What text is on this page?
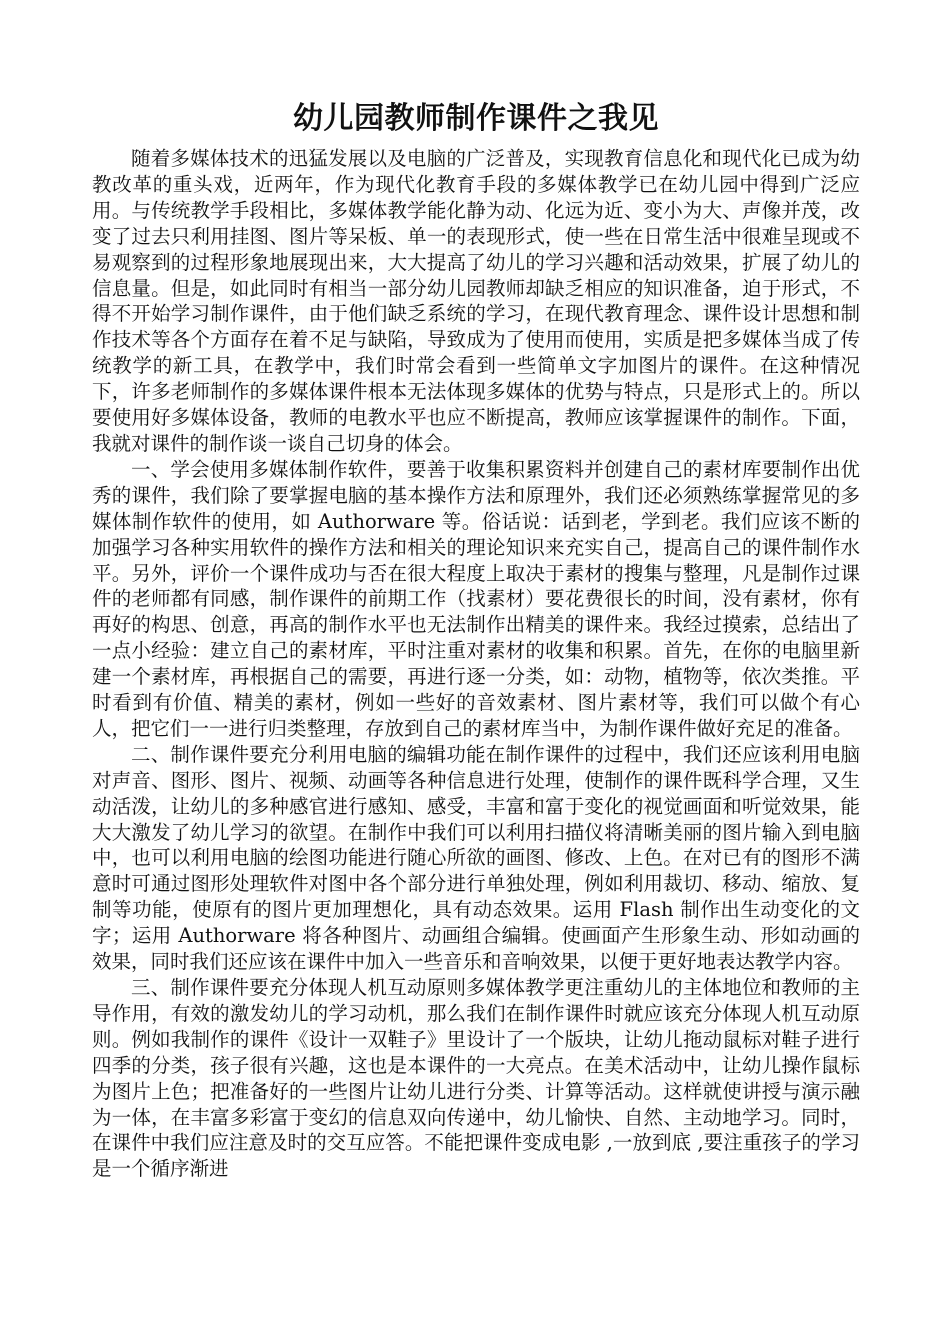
幼儿园教师制作课件之我见

随着多媒体技术的迅猛发展以及电脑的广泛普及，实现教育信息化和现代化已成为幼教改革的重头戏，近两年，作为现代化教育手段的多媒体教学已在幼儿园中得到广泛应用。与传统教学手段相比，多媒体教学能化静为动、化远为近、变小为大、声像并茂，改变了过去只利用挂图、图片等呆板、单一的表现形式，使一些在日常生活中很难呈现或不易观察到的过程形象地展现出来，大大提高了幼儿的学习兴趣和活动效果，扩展了幼儿的信息量。但是，如此同时有相当一部分幼儿园教师却缺乏相应的知识准备，迫于形式，不得不开始学习制作课件，由于他们缺乏系统的学习，在现代教育理念、课件设计思想和制作技术等各个方面存在着不足与缺陷，导致成为了使用而使用，实质是把多媒体当成了传统教学的新工具，在教学中，我们时常会看到一些简单文字加图片的课件。在这种情况下，许多老师制作的多媒体课件根本无法体现多媒体的优势与特点，只是形式上的。所以要使用好多媒体设备，教师的电教水平也应不断提高，教师应该掌握课件的制作。下面，我就对课件的制作谈一谈自己切身的体会。

一、学会使用多媒体制作软件，要善于收集积累资料并创建自己的素材库要制作出优秀的课件，我们除了要掌握电脑的基本操作方法和原理外，我们还必须熟练掌握常见的多媒体制作软件的使用，如 Authorware 等。俗话说：话到老，学到老。我们应该不断的加强学习各种实用软件的操作方法和相关的理论知识来充实自己，提高自己的课件制作水平。另外，评价一个课件成功与否在很大程度上取决于素材的搜集与整理，凡是制作过课件的老师都有同感，制作课件的前期工作（找素材）要花费很长的时间，没有素材，你有再好的构思、创意，再高的制作水平也无法制作出精美的课件来。我经过摸索，总结出了一点小经验：建立自己的素材库，平时注重对素材的收集和积累。首先，在你的电脑里新建一个素材库，再根据自己的需要，再进行逐一分类，如：动物，植物等，依次类推。平时看到有价值、精美的素材，例如一些好的音效素材、图片素材等，我们可以做个有心人，把它们一一进行归类整理，存放到自己的素材库当中，为制作课件做好充足的准备。

二、制作课件要充分利用电脑的编辑功能在制作课件的过程中，我们还应该利用电脑对声音、图形、图片、视频、动画等各种信息进行处理，使制作的课件既科学合理，又生动活泼，让幼儿的多种感官进行感知、感受，丰富和富于变化的视觉画面和听觉效果，能大大激发了幼儿学习的欲望。在制作中我们可以利用扫描仪将清晰美丽的图片输入到电脑中，也可以利用电脑的绘图功能进行随心所欲的画图、修改、上色。在对已有的图形不满意时可通过图形处理软件对图中各个部分进行单独处理，例如利用裁切、移动、缩放、复制等功能，使原有的图片更加理想化，具有动态效果。运用 Flash 制作出生动变化的文字；运用 Authorware 将各种图片、动画组合编辑。使画面产生形象生动、形如动画的效果，同时我们还应该在课件中加入一些音乐和音响效果，以便于更好地表达教学内容。

三、制作课件要充分体现人机互动原则多媒体教学更注重幼儿的主体地位和教师的主导作用，有效的激发幼儿的学习动机，那么我们在制作课件时就应该充分体现人机互动原则。例如我制作的课件《设计一双鞋子》里设计了一个版块，让幼儿拖动鼠标对鞋子进行四季的分类，孩子很有兴趣，这也是本课件的一大亮点。在美术活动中，让幼儿操作鼠标为图片上色；把准备好的一些图片让幼儿进行分类、计算等活动。这样就使讲授与演示融为一体，在丰富多彩富于变幻的信息双向传递中，幼儿愉快、自然、主动地学习。同时，在课件中我们应注意及时的交互应答。不能把课件变成电影 ,一放到底 ,要注重孩子的学习是一个循序渐进
